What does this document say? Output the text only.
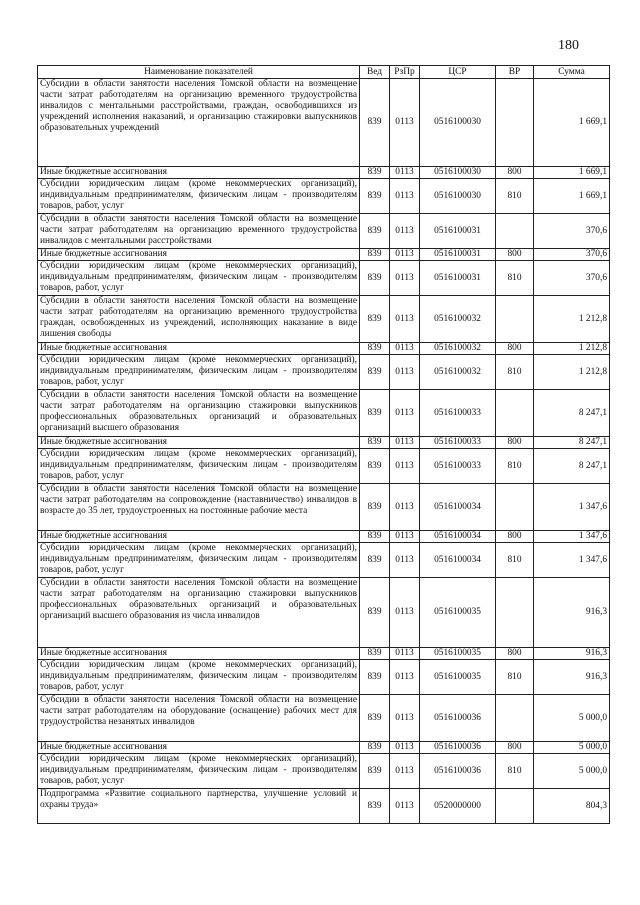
180
Наименование показателей	Вед	РзПр	ЦСР	ВР	Сумма
Субсидии в области занятости населения Томской области на возмещение части затрат работодателям на организацию временного трудоустройства инвалидов с ментальными расстройствами, граждан, освободившихся из учреждений исполнения наказаний, и организацию стажировки выпускников образовательных учреждений	839	0113	0516100030		1 669,1
Иные бюджетные ассигнования	839	0113	0516100030	800	1 669,1
Субсидии юридическим лицам (кроме некоммерческих организаций), индивидуальным предпринимателям, физическим лицам - производителям товаров, работ, услуг	839	0113	0516100030	810	1 669,1
Субсидии в области занятости населения Томской области на возмещение части затрат работодателям на организацию временного трудоустройства инвалидов с ментальными расстройствами	839	0113	0516100031		370,6
Иные бюджетные ассигнования	839	0113	0516100031	800	370,6
Субсидии юридическим лицам (кроме некоммерческих организаций), индивидуальным предпринимателям, физическим лицам - производителям товаров, работ, услуг	839	0113	0516100031	810	370,6
Субсидии в области занятости населения Томской области на возмещение части затрат работодателям на организацию временного трудоустройства граждан, освобожденных из учреждений, исполняющих наказание в виде лишения свободы	839	0113	0516100032		1 212,8
Иные бюджетные ассигнования	839	0113	0516100032	800	1 212,8
Субсидии юридическим лицам (кроме некоммерческих организаций), индивидуальным предпринимателям, физическим лицам - производителям товаров, работ, услуг	839	0113	0516100032	810	1 212,8
Субсидии в области занятости населения Томской области на возмещение части затрат работодателям на организацию стажировки выпускников профессиональных образовательных организаций и образовательных организаций высшего образования	839	0113	0516100033		8 247,1
Иные бюджетные ассигнования	839	0113	0516100033	800	8 247,1
Субсидии юридическим лицам (кроме некоммерческих организаций), индивидуальным предпринимателям, физическим лицам - производителям товаров, работ, услуг	839	0113	0516100033	810	8 247,1
Субсидии в области занятости населения Томской области на возмещение части затрат работодателям на сопровождение (наставничество) инвалидов в возрасте до 35 лет, трудоустроенных на постоянные рабочие места	839	0113	0516100034		1 347,6
Иные бюджетные ассигнования	839	0113	0516100034	800	1 347,6
Субсидии юридическим лицам (кроме некоммерческих организаций), индивидуальным предпринимателям, физическим лицам - производителям товаров, работ, услуг	839	0113	0516100034	810	1 347,6
Субсидии в области занятости населения Томской области на возмещение части затрат работодателям на организацию стажировки выпускников профессиональных образовательных организаций и образовательных организаций высшего образования из числа инвалидов	839	0113	0516100035		916,3
Иные бюджетные ассигнования	839	0113	0516100035	800	916,3
Субсидии юридическим лицам (кроме некоммерческих организаций), индивидуальным предпринимателям, физическим лицам - производителям товаров, работ, услуг	839	0113	0516100035	810	916,3
Субсидии в области занятости населения Томской области на возмещение части затрат работодателям на оборудование (оснащение) рабочих мест для трудоустройства незанятых инвалидов	839	0113	0516100036		5 000,0
Иные бюджетные ассигнования	839	0113	0516100036	800	5 000,0
Субсидии юридическим лицам (кроме некоммерческих организаций), индивидуальным предпринимателям, физическим лицам - производителям товаров, работ, услуг	839	0113	0516100036	810	5 000,0
Подпрограмма «Развитие социального партнерства, улучшение условий и охраны труда»	839	0113	0520000000		804,3
